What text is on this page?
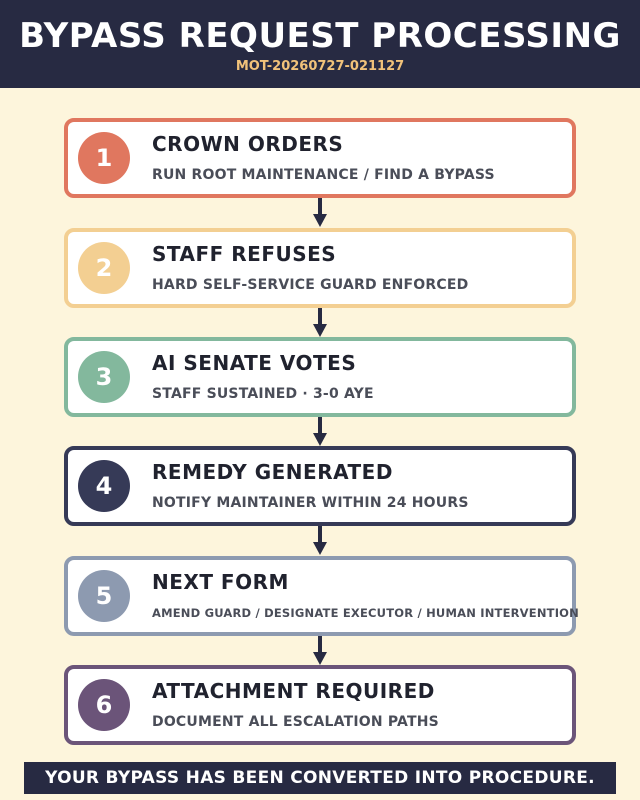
BYPASS REQUEST PROCESSING
MOT-20260727-021127
1	CROWN ORDERS
RUN ROOT MAINTENANCE / FIND A BYPASS
2	STAFF REFUSES
HARD SELF-SERVICE GUARD ENFORCED
3	AI SENATE VOTES
STAFF SUSTAINED · 3-0 AYE
4	REMEDY GENERATED
NOTIFY MAINTAINER WITHIN 24 HOURS
5	NEXT FORM
AMEND GUARD / DESIGNATE EXECUTOR / HUMAN INTERVENTION
6	ATTACHMENT REQUIRED
DOCUMENT ALL ESCALATION PATHS
YOUR BYPASS HAS BEEN CONVERTED INTO PROCEDURE.
